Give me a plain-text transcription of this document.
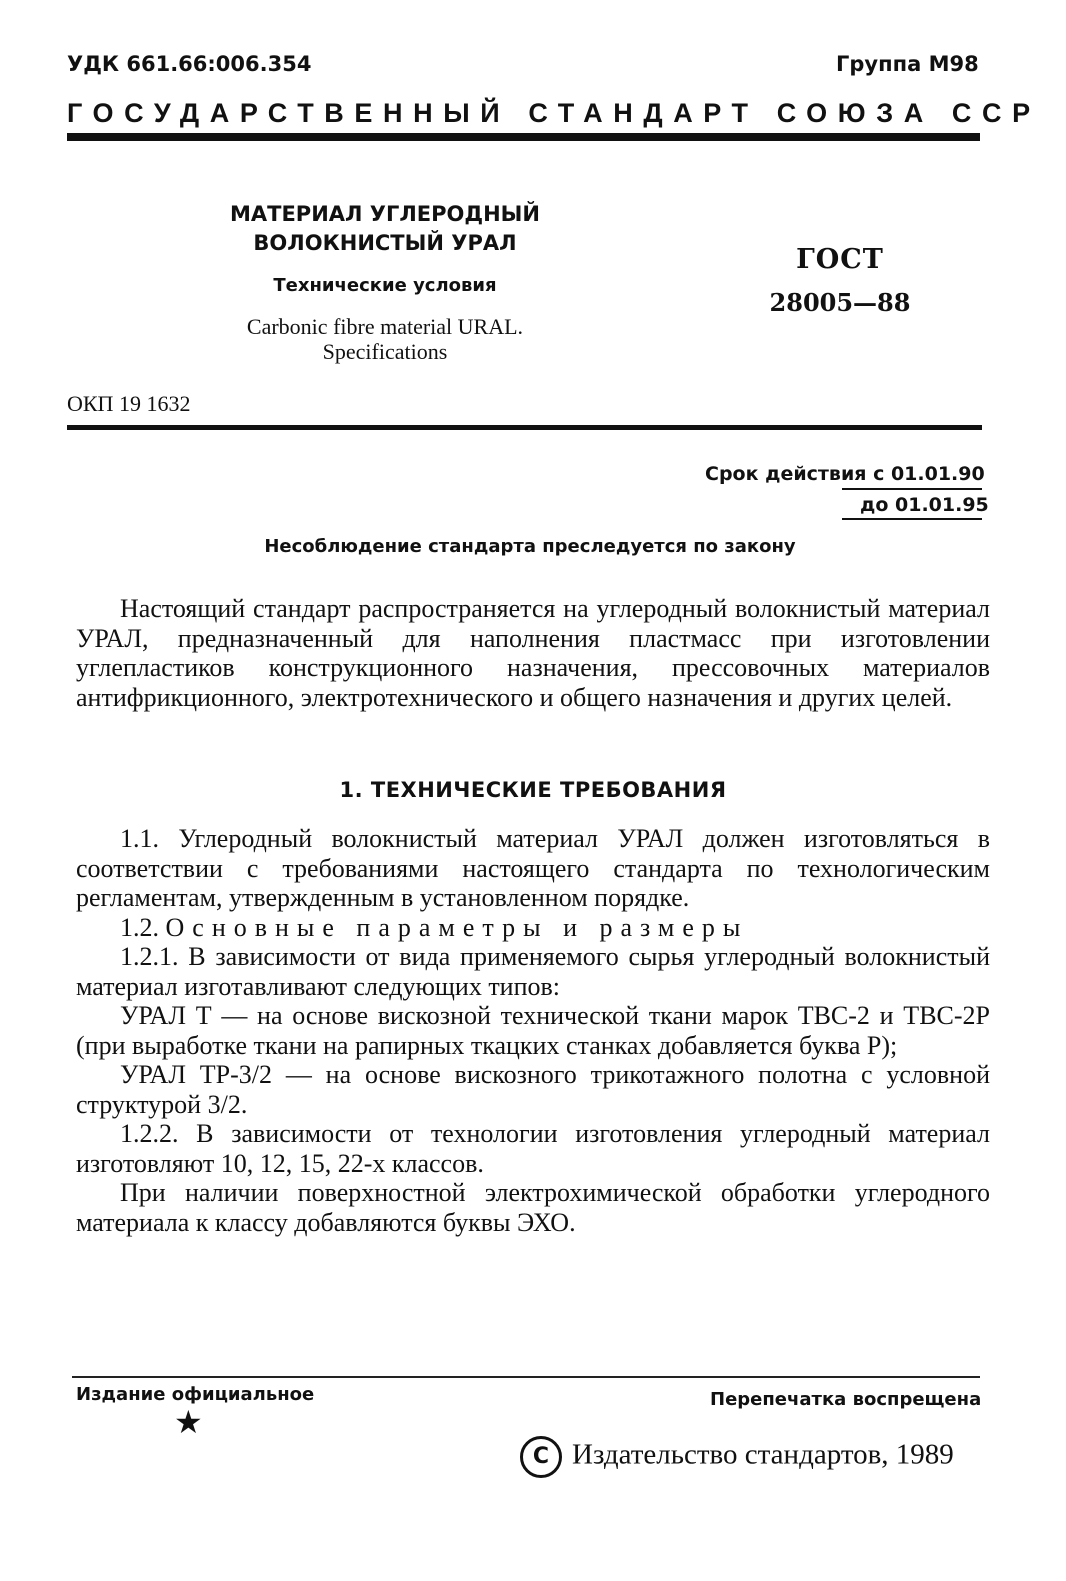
УДК 661.66:006.354	Группа М98
ГОСУДАРСТВЕННЫЙ СТАНДАРТ СОЮЗА ССР
МАТЕРИАЛ УГЛЕРОДНЫЙ
ВОЛОКНИСТЫЙ УРАЛ
Технические условия
Carbonic fibre material URAL.
Specifications
ГОСТ
28005—88
ОКП 19 1632
Срок действия с 01.01.90
до 01.01.95
Несоблюдение стандарта преследуется по закону

Настоящий стандарт распространяется на углеродный волокнистый материал УРАЛ, предназначенный для наполнения пластмасс при изготовлении углепластиков конструкционного назначения, прессовочных материалов антифрикционного, электротехнического и общего назначения и других целей.

1. ТЕХНИЧЕСКИЕ ТРЕБОВАНИЯ

1.1. Углеродный волокнистый материал УРАЛ должен изготовляться в соответствии с требованиями настоящего стандарта по технологическим регламентам, утвержденным в установленном порядке.

1.2. Основные параметры и размеры

1.2.1. В зависимости от вида применяемого сырья углеродный волокнистый материал изготавливают следующих типов:

УРАЛ Т — на основе вискозной технической ткани марок ТВС-2 и ТВС-2Р (при выработке ткани на рапирных ткацких станках добавляется буква Р);

УРАЛ ТР-3/2 — на основе вискозного трикотажного полотна с условной структурой 3/2.

1.2.2. В зависимости от технологии изготовления углеродный материал изготовляют 10, 12, 15, 22-х классов.

При наличии поверхностной электрохимической обработки углеродного материала к классу добавляются буквы ЭХО.

Издание официальное	Перепечатка воспрещена
★
C Издательство стандартов, 1989
